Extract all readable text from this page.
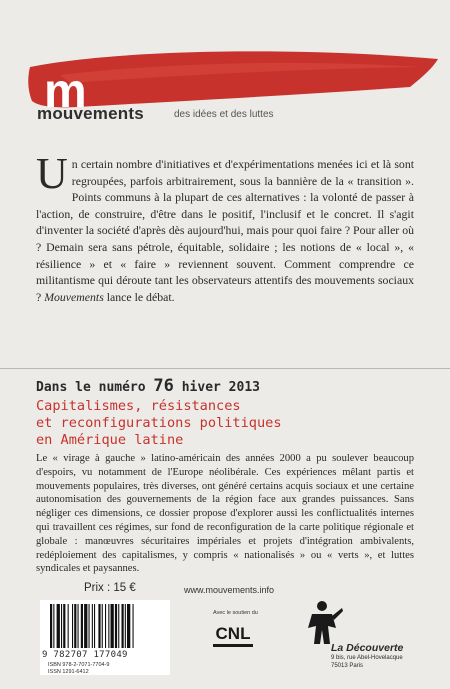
m
mouvements	des idées et des luttes
Un certain nombre d'initiatives et d'expérimentations menées ici et là sont regroupées, parfois arbitrairement, sous la bannière de la « transition ». Points communs à la plupart de ces alternatives : la volonté de passer à l'action, de construire, d'être dans le positif, l'inclusif et le concret. Il s'agit d'inventer la société d'après dès aujourd'hui, mais pour quoi faire ? Pour aller où ? Demain sera sans pétrole, équitable, solidaire ; les notions de « local », « résilience » et « faire » reviennent souvent. Comment comprendre ce militantisme qui déroute tant les observateurs attentifs des mouvements sociaux ? Mouvements lance le débat.
Dans le numéro 76 hiver 2013
Capitalismes, résistances
et reconfigurations politiques
en Amérique latine
Le « virage à gauche » latino-américain des années 2000 a pu soulever beaucoup d'espoirs, vu notamment de l'Europe néolibérale. Ces expériences mêlant partis et mouvements populaires, très diverses, ont généré certains acquis sociaux et une certaine autonomisation des gouvernements de la région face aux grandes puissances. Sans négliger ces dimensions, ce dossier propose d'explorer aussi les conflictualités internes qui travaillent ces régimes, sur fond de reconfiguration de la carte politique régionale et globale : manœuvres sécuritaires impériales et projets d'intégration ambivalents, redéploiement des capitalismes, y compris « nationalisés » ou « verts », et luttes syndicales et paysannes.
Prix : 15 €	www.mouvements.info
9 782707 177049
ISBN 978-2-7071-7704-9
ISSN 1291-6412
Avec le soutien du
CNL
La Découverte
9 bis, rue Abel-Hovelacque
75013 Paris
